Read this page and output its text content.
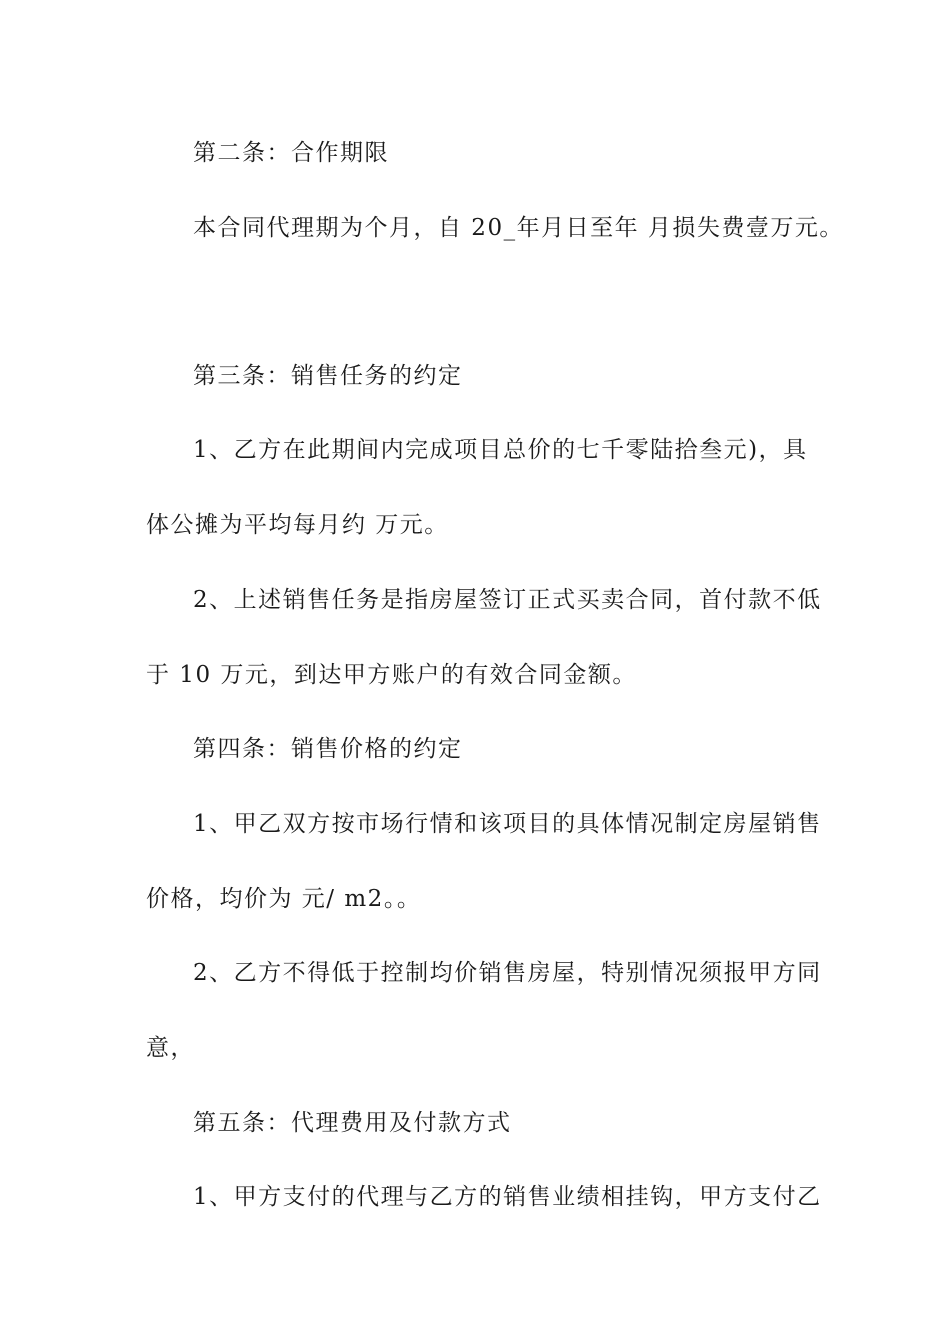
第二条：合作期限
本合同代理期为个月，自 20_年月日至年 月损失费壹万元。
第三条：销售任务的约定
1、乙方在此期间内完成项目总价的七千零陆拾叁元)，具
体公摊为平均每月约 万元。
2、上述销售任务是指房屋签订正式买卖合同，首付款不低
于 10 万元，到达甲方账户的有效合同金额。
第四条：销售价格的约定
1、甲乙双方按市场行情和该项目的具体情况制定房屋销售
价格，均价为 元/ m2。。
2、乙方不得低于控制均价销售房屋，特别情况须报甲方同
意，
第五条：代理费用及付款方式
1、甲方支付的代理与乙方的销售业绩相挂钩，甲方支付乙
